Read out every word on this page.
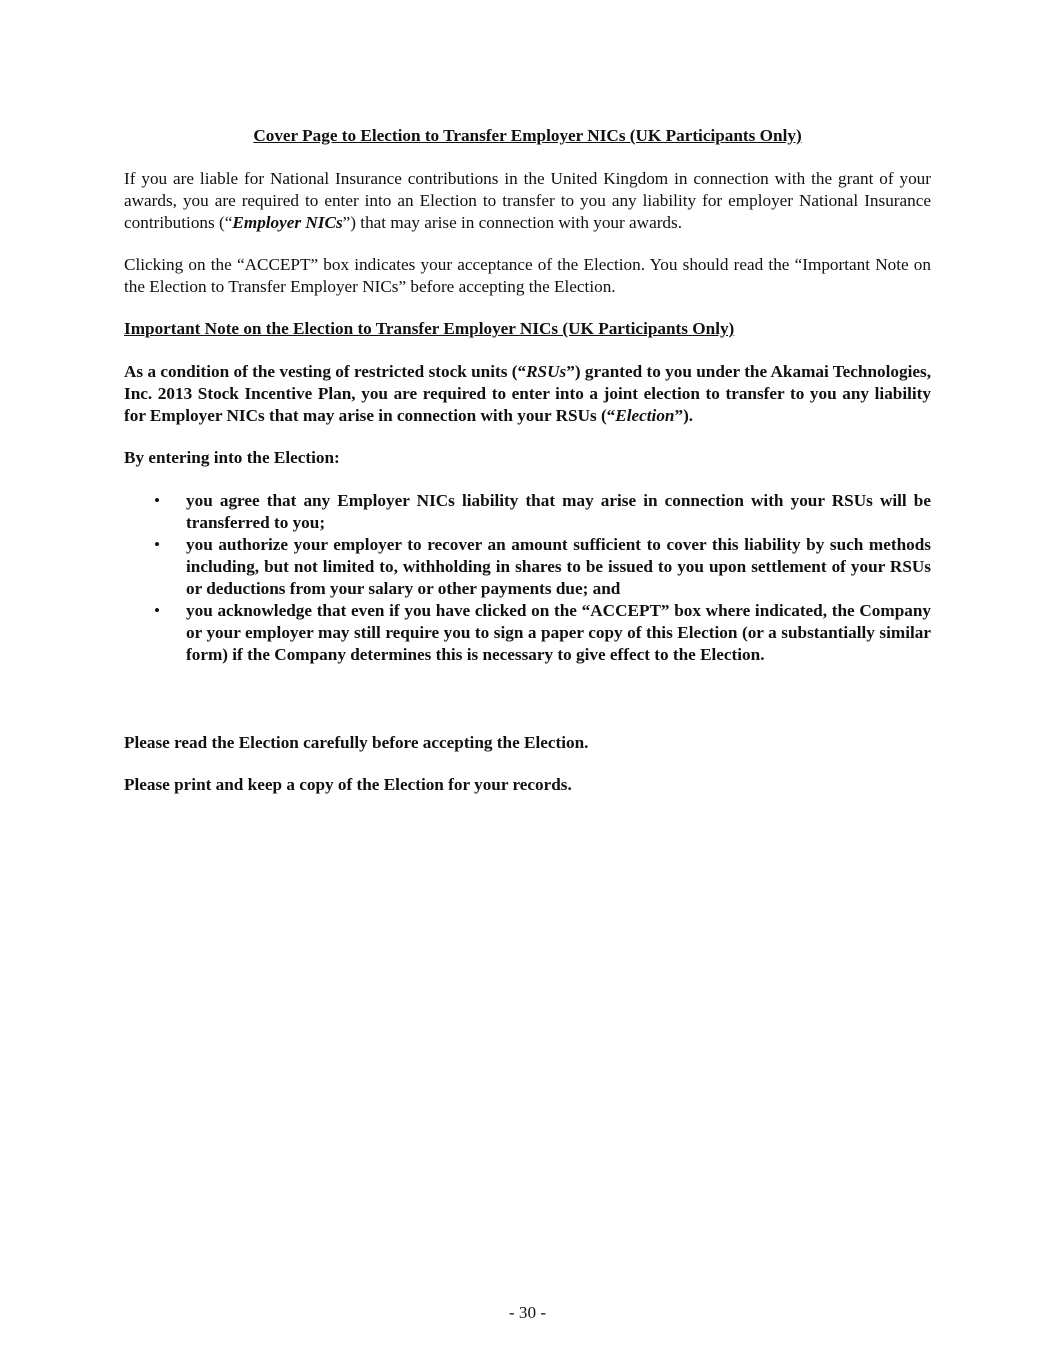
Cover Page to Election to Transfer Employer NICs (UK Participants Only)

If you are liable for National Insurance contributions in the United Kingdom in connection with the grant of your awards, you are required to enter into an Election to transfer to you any liability for employer National Insurance contributions (“Employer NICs”) that may arise in connection with your awards.

Clicking on the “ACCEPT” box indicates your acceptance of the Election. You should read the “Important Note on the Election to Transfer Employer NICs” before accepting the Election.

Important Note on the Election to Transfer Employer NICs (UK Participants Only)

As a condition of the vesting of restricted stock units (“RSUs”) granted to you under the Akamai Technologies, Inc. 2013 Stock Incentive Plan, you are required to enter into a joint election to transfer to you any liability for Employer NICs that may arise in connection with your RSUs (“Election”).

By entering into the Election:

• you agree that any Employer NICs liability that may arise in connection with your RSUs will be transferred to you;
• you authorize your employer to recover an amount sufficient to cover this liability by such methods including, but not limited to, withholding in shares to be issued to you upon settlement of your RSUs or deductions from your salary or other payments due; and
• you acknowledge that even if you have clicked on the “ACCEPT” box where indicated, the Company or your employer may still require you to sign a paper copy of this Election (or a substantially similar form) if the Company determines this is necessary to give effect to the Election.

Please read the Election carefully before accepting the Election.

Please print and keep a copy of the Election for your records.

- 30 -
